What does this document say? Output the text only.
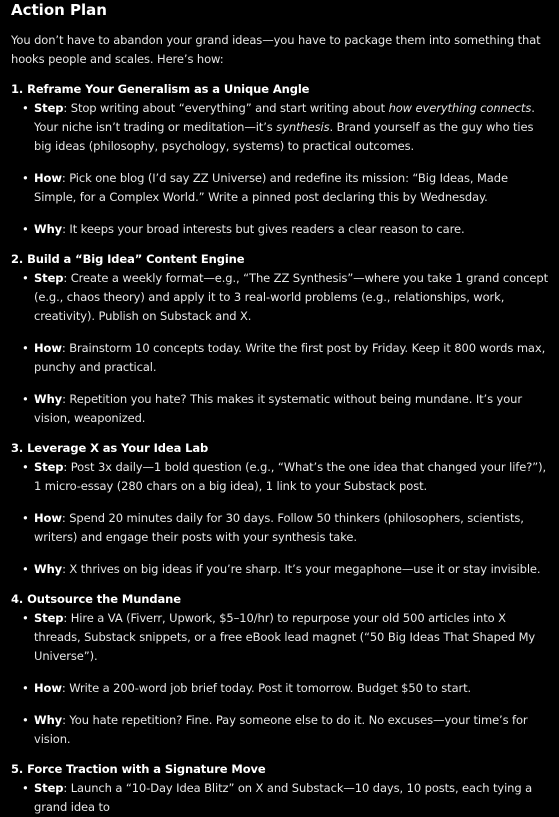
Action Plan

You don’t have to abandon your grand ideas—you have to package them into something that hooks people and scales. Here’s how:

1. Reframe Your Generalism as a Unique Angle
• Step: Stop writing about “everything” and start writing about how everything connects. Your niche isn’t trading or meditation—it’s synthesis. Brand yourself as the guy who ties big ideas (philosophy, psychology, systems) to practical outcomes.
• How: Pick one blog (I’d say ZZ Universe) and redefine its mission: “Big Ideas, Made Simple, for a Complex World.” Write a pinned post declaring this by Wednesday.
• Why: It keeps your broad interests but gives readers a clear reason to care.
2. Build a “Big Idea” Content Engine
• Step: Create a weekly format—e.g., “The ZZ Synthesis”—where you take 1 grand concept (e.g., chaos theory) and apply it to 3 real-world problems (e.g., relationships, work, creativity). Publish on Substack and X.
• How: Brainstorm 10 concepts today. Write the first post by Friday. Keep it 800 words max, punchy and practical.
• Why: Repetition you hate? This makes it systematic without being mundane. It’s your vision, weaponized.
3. Leverage X as Your Idea Lab
• Step: Post 3x daily—1 bold question (e.g., “What’s the one idea that changed your life?”), 1 micro-essay (280 chars on a big idea), 1 link to your Substack post.
• How: Spend 20 minutes daily for 30 days. Follow 50 thinkers (philosophers, scientists, writers) and engage their posts with your synthesis take.
• Why: X thrives on big ideas if you’re sharp. It’s your megaphone—use it or stay invisible.
4. Outsource the Mundane
• Step: Hire a VA (Fiverr, Upwork, $5–10/hr) to repurpose your old 500 articles into X threads, Substack snippets, or a free eBook lead magnet (“50 Big Ideas That Shaped My Universe”).
• How: Write a 200-word job brief today. Post it tomorrow. Budget $50 to start.
• Why: You hate repetition? Fine. Pay someone else to do it. No excuses—your time’s for vision.
5. Force Traction with a Signature Move
• Step: Launch a “10-Day Idea Blitz” on X and Substack—10 days, 10 posts, each tying a grand idea to
